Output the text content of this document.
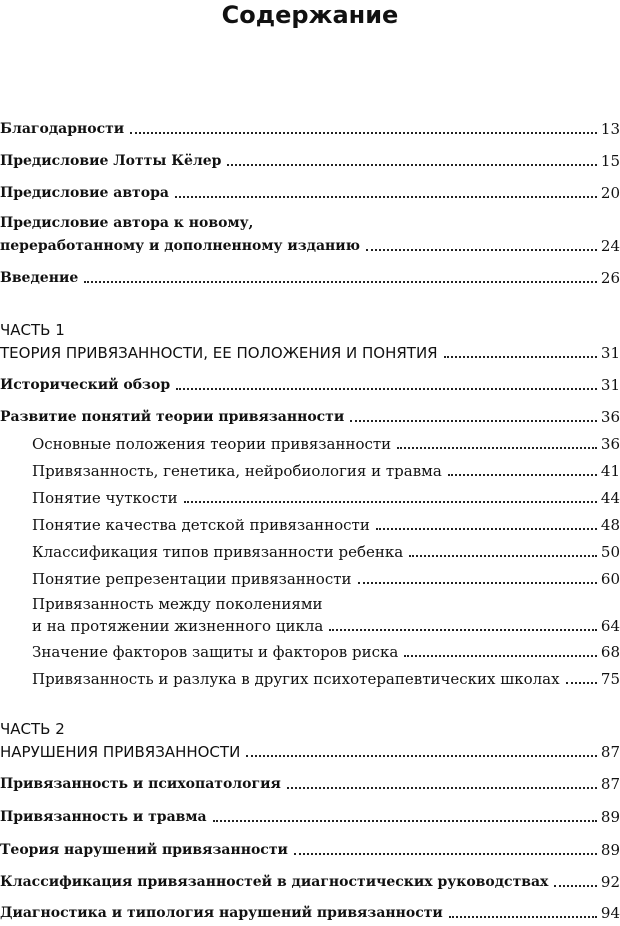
Содержание
Благодарности	13
Предисловие Лотты Кёлер	15
Предисловие автора	20
Предисловие автора к новому,
переработанному и дополненному изданию	24
Введение	26
ЧАСТЬ 1
ТЕОРИЯ ПРИВЯЗАННОСТИ, ЕЕ ПОЛОЖЕНИЯ И ПОНЯТИЯ	31
Исторический обзор	31
Развитие понятий теории привязанности	36
Основные положения теории привязанности	36
Привязанность, генетика, нейробиология и травма	41
Понятие чуткости	44
Понятие качества детской привязанности	48
Классификация типов привязанности ребенка	50
Понятие репрезентации привязанности	60
Привязанность между поколениями
и на протяжении жизненного цикла	64
Значение факторов защиты и факторов риска	68
Привязанность и разлука в других психотерапевтических школах	75
ЧАСТЬ 2
НАРУШЕНИЯ ПРИВЯЗАННОСТИ	87
Привязанность и психопатология	87
Привязанность и травма	89
Теория нарушений привязанности	89
Классификация привязанностей в диагностических руководствах	92
Диагностика и типология нарушений привязанности	94
